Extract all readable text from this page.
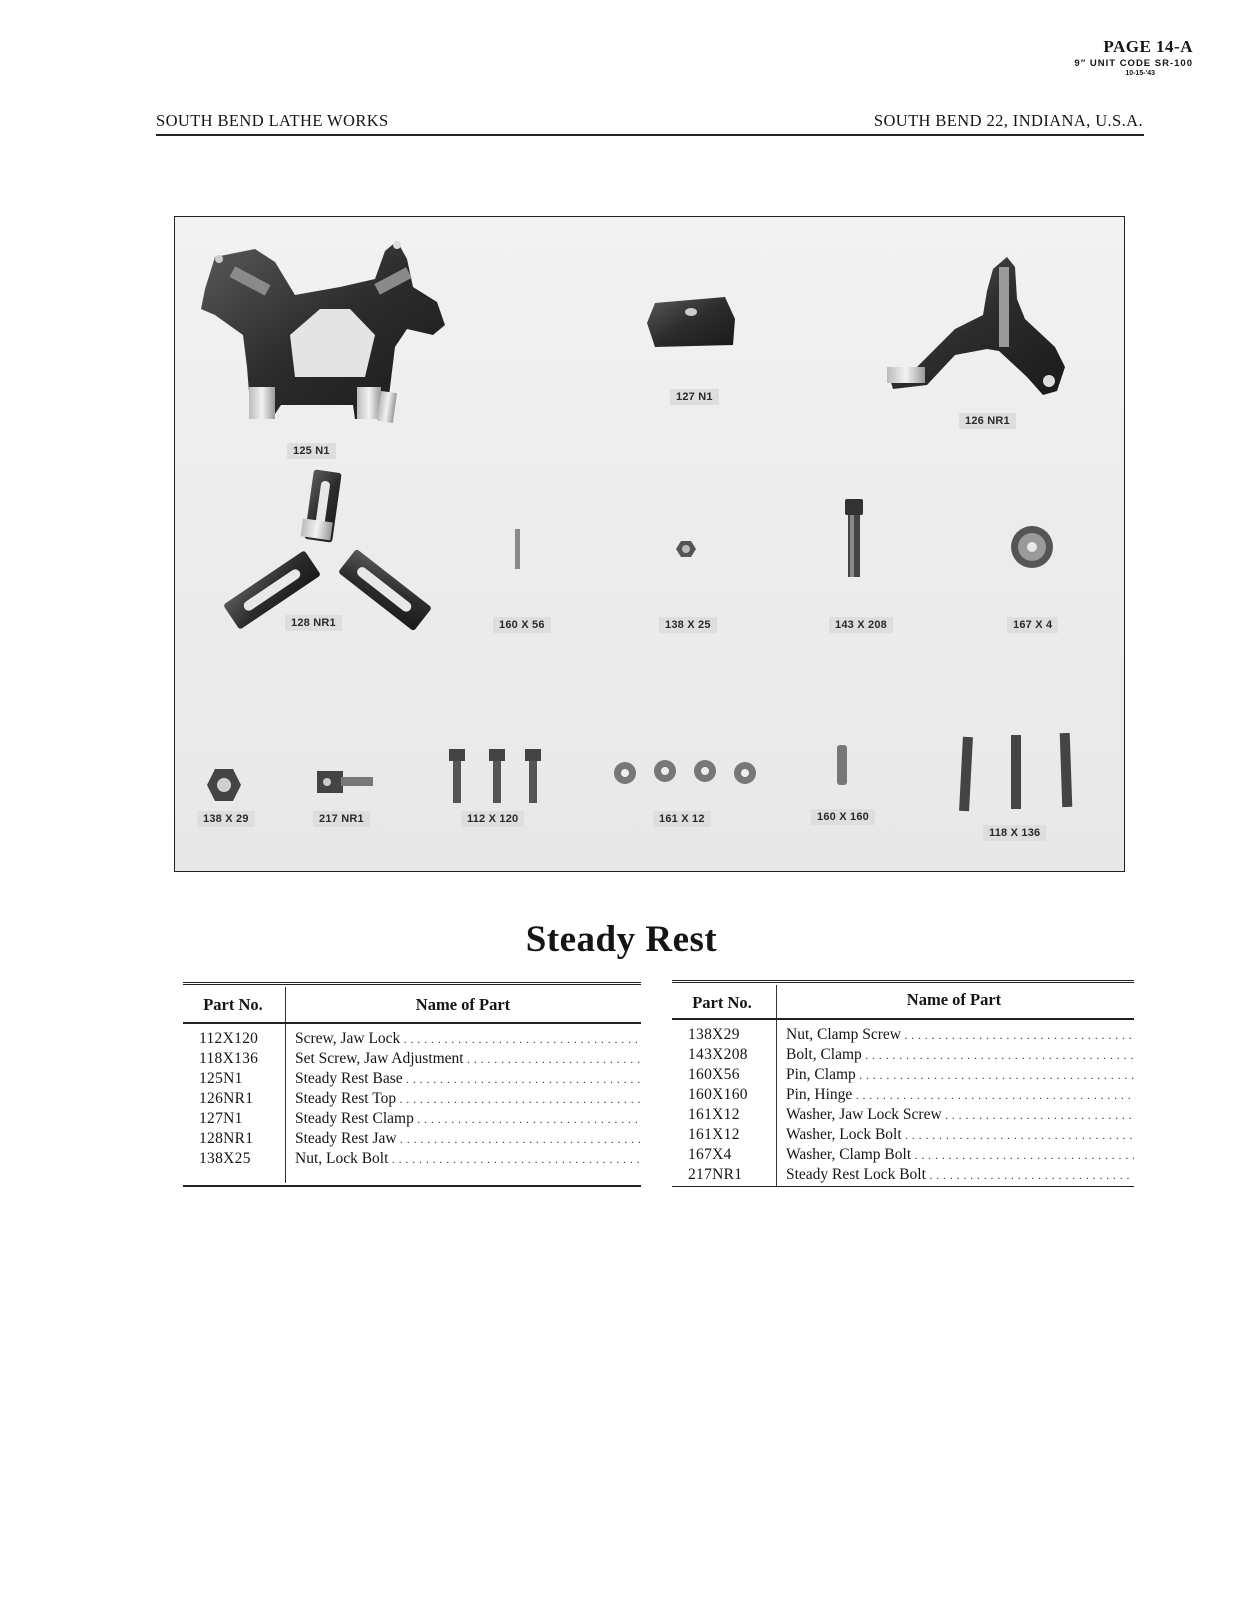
PAGE 14-A
9″ UNIT CODE SR-100
10-15-'43
SOUTH BEND LATHE WORKS	SOUTH BEND 22, INDIANA, U.S.A.
125 N1
127 N1
126 NR1
128 NR1	160 X 56	138 X 25	143 X 208	167 X 4
138 X 29	217 NR1	112 X 120	161 X 12	160 X 160
118 X 136
Steady Rest
Part No.	Name of Part
112X120 Screw, Jaw Lock . . .
118X136 Set Screw, Jaw Adjustment . . .
125N1	Steady Rest Base . . .
126NR1	Steady Rest Top . . .
127N1	Steady Rest Clamp . . .
128NR1	Steady Rest Jaw . . .
138X25	Nut, Lock Bolt . . .
Part No.	Name of Part
138X29	Nut, Clamp Screw . . .
143X208 Bolt, Clamp . . .
160X56	Pin, Clamp . . .
160X160 Pin, Hinge . . .
161X12	Washer, Jaw Lock Screw . . .
161X12	Washer, Lock Bolt . . .
167X4	Washer, Clamp Bolt . . .
217NR1	Steady Rest Lock Bolt . . .
